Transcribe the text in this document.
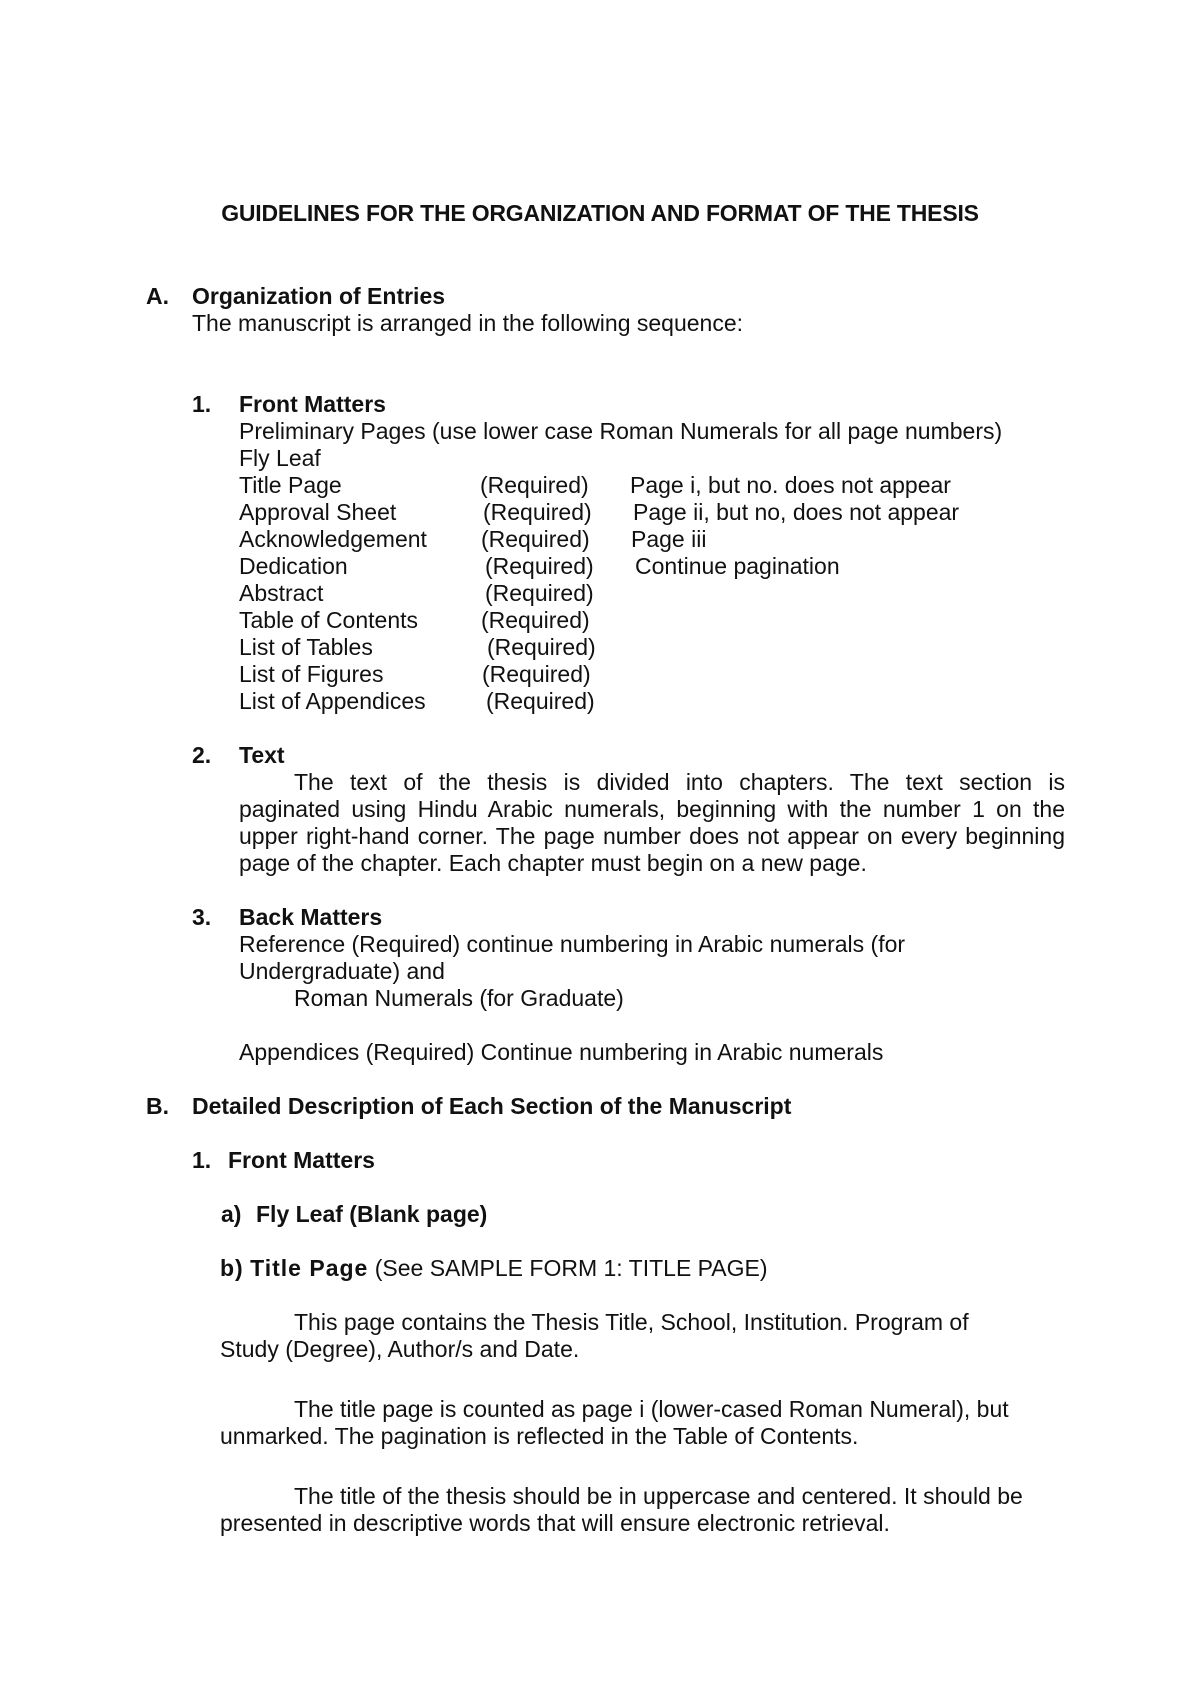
GUIDELINES FOR THE ORGANIZATION AND FORMAT OF THE THESIS
A. Organization of Entries
The manuscript is arranged in the following sequence:
1. Front Matters
Preliminary Pages (use lower case Roman Numerals for all page numbers)
Fly Leaf
Title Page	(Required) Page i, but no. does not appear
Approval Sheet	(Required) Page ii, but no, does not appear
Acknowledgement (Required) Page iii
Dedication	(Required) Continue pagination
Abstract	(Required)
Table of Contents	(Required)
List of Tables	(Required)
List of Figures	(Required)
List of Appendices	(Required)
2. Text
The text of the thesis is divided into chapters. The text section is
paginated using Hindu Arabic numerals, beginning with the number 1 on the
upper right-hand corner. The page number does not appear on every beginning
page of the chapter. Each chapter must begin on a new page.
3. Back Matters
Reference (Required) continue numbering in Arabic numerals (for
Undergraduate) and
Roman Numerals (for Graduate)
Appendices (Required) Continue numbering in Arabic numerals
B. Detailed Description of Each Section of the Manuscript
1. Front Matters
a) Fly Leaf (Blank page)
b) Title Page (See SAMPLE FORM 1: TITLE PAGE)
This page contains the Thesis Title, School, Institution. Program of
Study (Degree), Author/s and Date.
The title page is counted as page i (lower-cased Roman Numeral), but
unmarked. The pagination is reflected in the Table of Contents.
The title of the thesis should be in uppercase and centered. It should be
presented in descriptive words that will ensure electronic retrieval.
